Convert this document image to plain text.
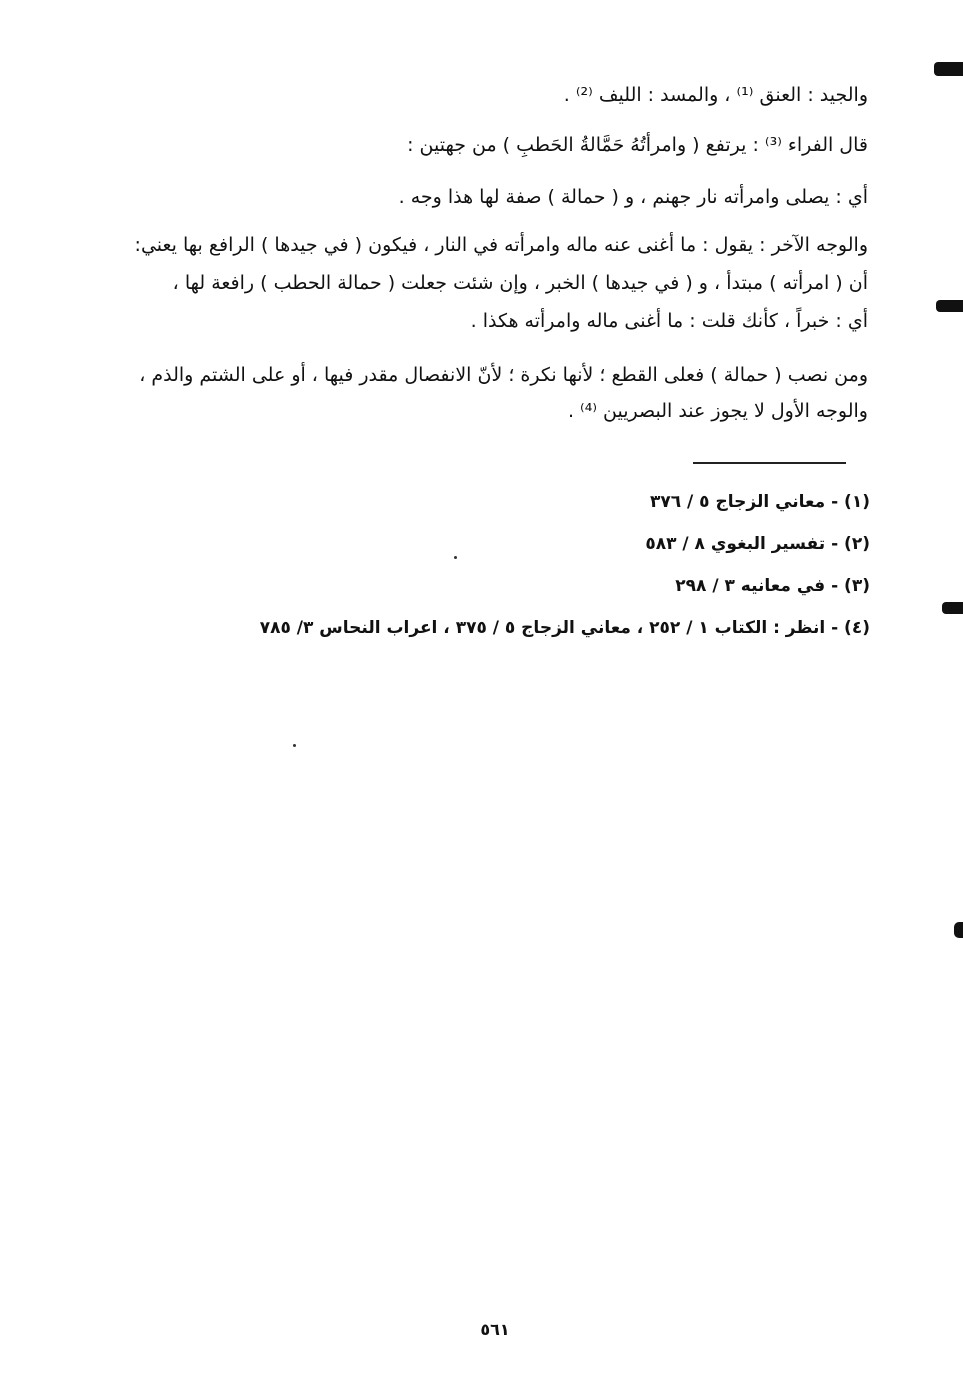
والجيد : العنق ⁽¹⁾ ، والمسد : الليف ⁽²⁾ .
قال الفراء ⁽³⁾ : يرتفع ( وامرأتُهُ حَمَّالةُ الحَطبِ ) من جهتين :
أي : يصلى وامرأته نار جهنم ، و ( حمالة ) صفة لها هذا وجه .
والوجه الآخر : يقول : ما أغنى عنه ماله وامرأته في النار ، فيكون ( في جيدها ) الرافع بها يعني:
أن ( امرأته ) مبتدأ ، و ( في جيدها ) الخبر ، وإن شئت جعلت ( حمالة الحطب ) رافعة لها ،
أي : خبراً ، كأنك قلت : ما أغنى ماله وامرأته هكذا .
ومن نصب ( حمالة ) فعلى القطع ؛ لأنها نكرة ؛ لأنّ الانفصال مقدر فيها ، أو على الشتم والذم ،
والوجه الأول لا يجوز عند البصريين ⁽⁴⁾ .
(١) - معاني الزجاج ٥ / ٣٧٦
(٢) - تفسير البغوي ٨ / ٥٨٣
(٣) - في معانيه ٣ / ٢٩٨
(٤) - انظر : الكتاب ١ / ٢٥٢ ، معاني الزجاج ٥ / ٣٧٥ ، اعراب النحاس ٣/ ٧٨٥
٥٦١
